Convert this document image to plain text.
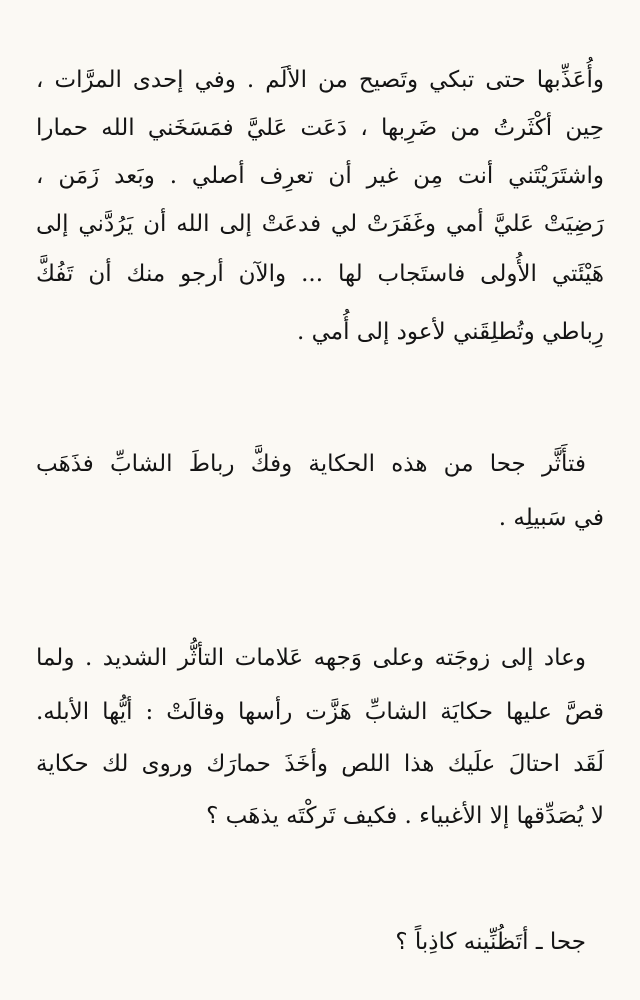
وأُعَذِّبها حتى تبكي وتَصيح من الألَم . وفي إحدى المرَّات ،
حِين أكْثَرتُ من ضَرِبها ، دَعَت عَليَّ فمَسَخَني الله حمارا
واشتَرَيْتَني أنت مِن غير أن تعرِف أصلي . وبَعد زَمَن ،
رَضِيَتْ عَليَّ أمي وغَفَرَتْ لي فدعَتْ إلى الله أن يَرُدَّني إلى
هَيْئَتي الأُولى فاستَجاب لها ... والآن أرجو منك أن تَفُكَّ
رِباطي وتُطلِقَني لأعود إلى أُمي .
فتأَثَّر جحا من هذه الحكاية وفكَّ رباطَ الشابِّ فذَهَب
في سَبيلِه .
وعاد إلى زوجَته وعلى وَجهه عَلامات التأثُّر الشديد . ولما
قصَّ عليها حكايَة الشابِّ هَزَّت رأسها وقالَتْ : أيُّها الأبله.
لَقَد احتالَ علَيك هذا اللص وأخَذَ حمارَك وروى لك حكاية
لا يُصَدِّقها إلا الأغبياء . فكيف تَركْتَه يذهَب ؟
جحا ـ أتَظُنِّينه كاذِباً ؟
